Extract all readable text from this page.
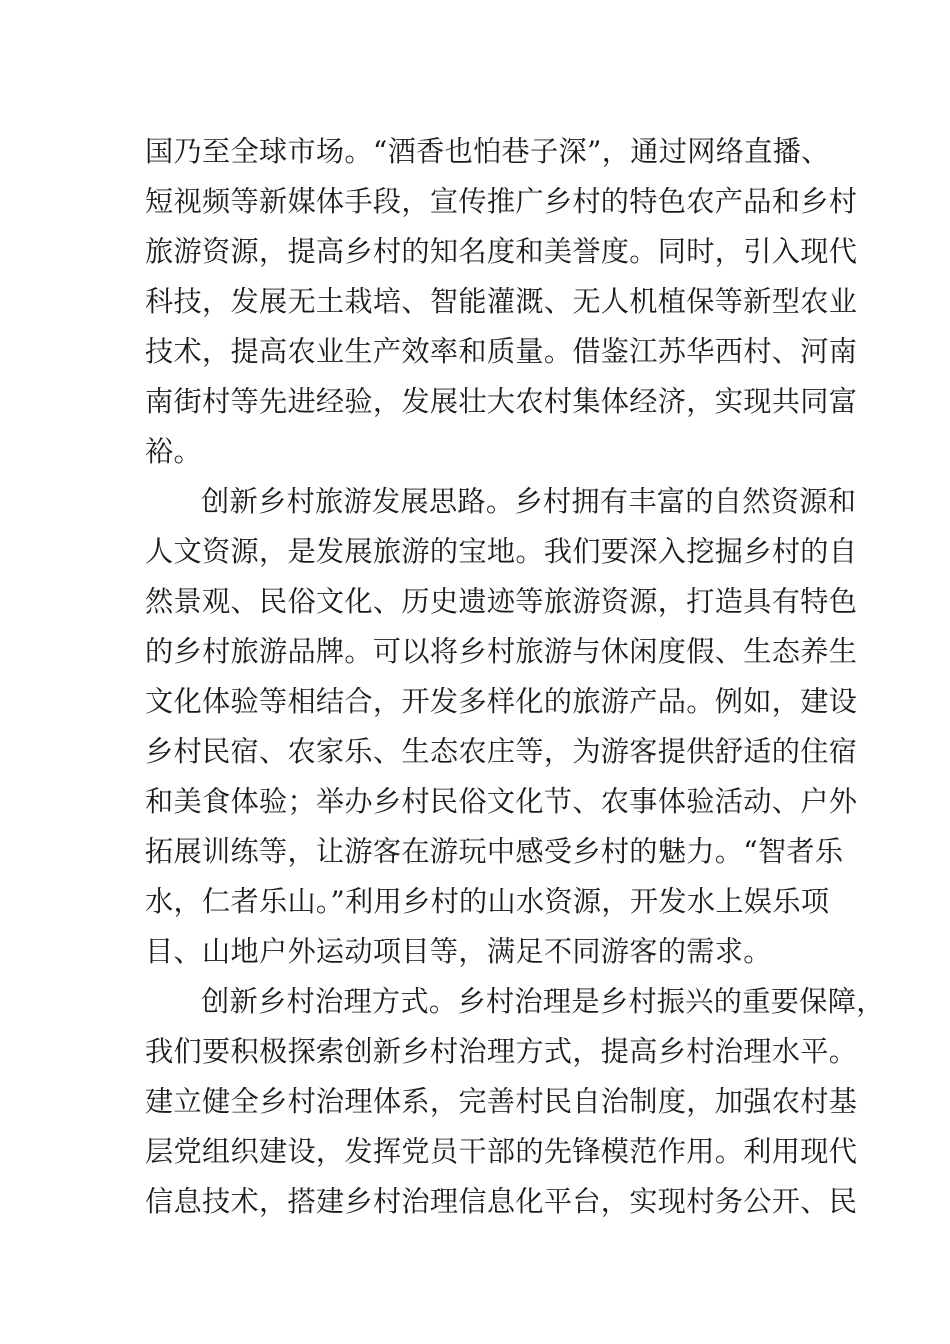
国乃至全球市场。“酒香也怕巷子深”，通过网络直播、
短视频等新媒体手段，宣传推广乡村的特色农产品和乡村
旅游资源，提高乡村的知名度和美誉度。同时，引入现代
科技，发展无土栽培、智能灌溉、无人机植保等新型农业
技术，提高农业生产效率和质量。借鉴江苏华西村、河南
南街村等先进经验，发展壮大农村集体经济，实现共同富
裕。
创新乡村旅游发展思路。乡村拥有丰富的自然资源和
人文资源，是发展旅游的宝地。我们要深入挖掘乡村的自
然景观、民俗文化、历史遗迹等旅游资源，打造具有特色
的乡村旅游品牌。可以将乡村旅游与休闲度假、生态养生
文化体验等相结合，开发多样化的旅游产品。例如，建设
乡村民宿、农家乐、生态农庄等，为游客提供舒适的住宿
和美食体验；举办乡村民俗文化节、农事体验活动、户外
拓展训练等，让游客在游玩中感受乡村的魅力。“智者乐
水，仁者乐山。”利用乡村的山水资源，开发水上娱乐项
目、山地户外运动项目等，满足不同游客的需求。
创新乡村治理方式。乡村治理是乡村振兴的重要保障，
我们要积极探索创新乡村治理方式，提高乡村治理水平。
建立健全乡村治理体系，完善村民自治制度，加强农村基
层党组织建设，发挥党员干部的先锋模范作用。利用现代
信息技术，搭建乡村治理信息化平台，实现村务公开、民
